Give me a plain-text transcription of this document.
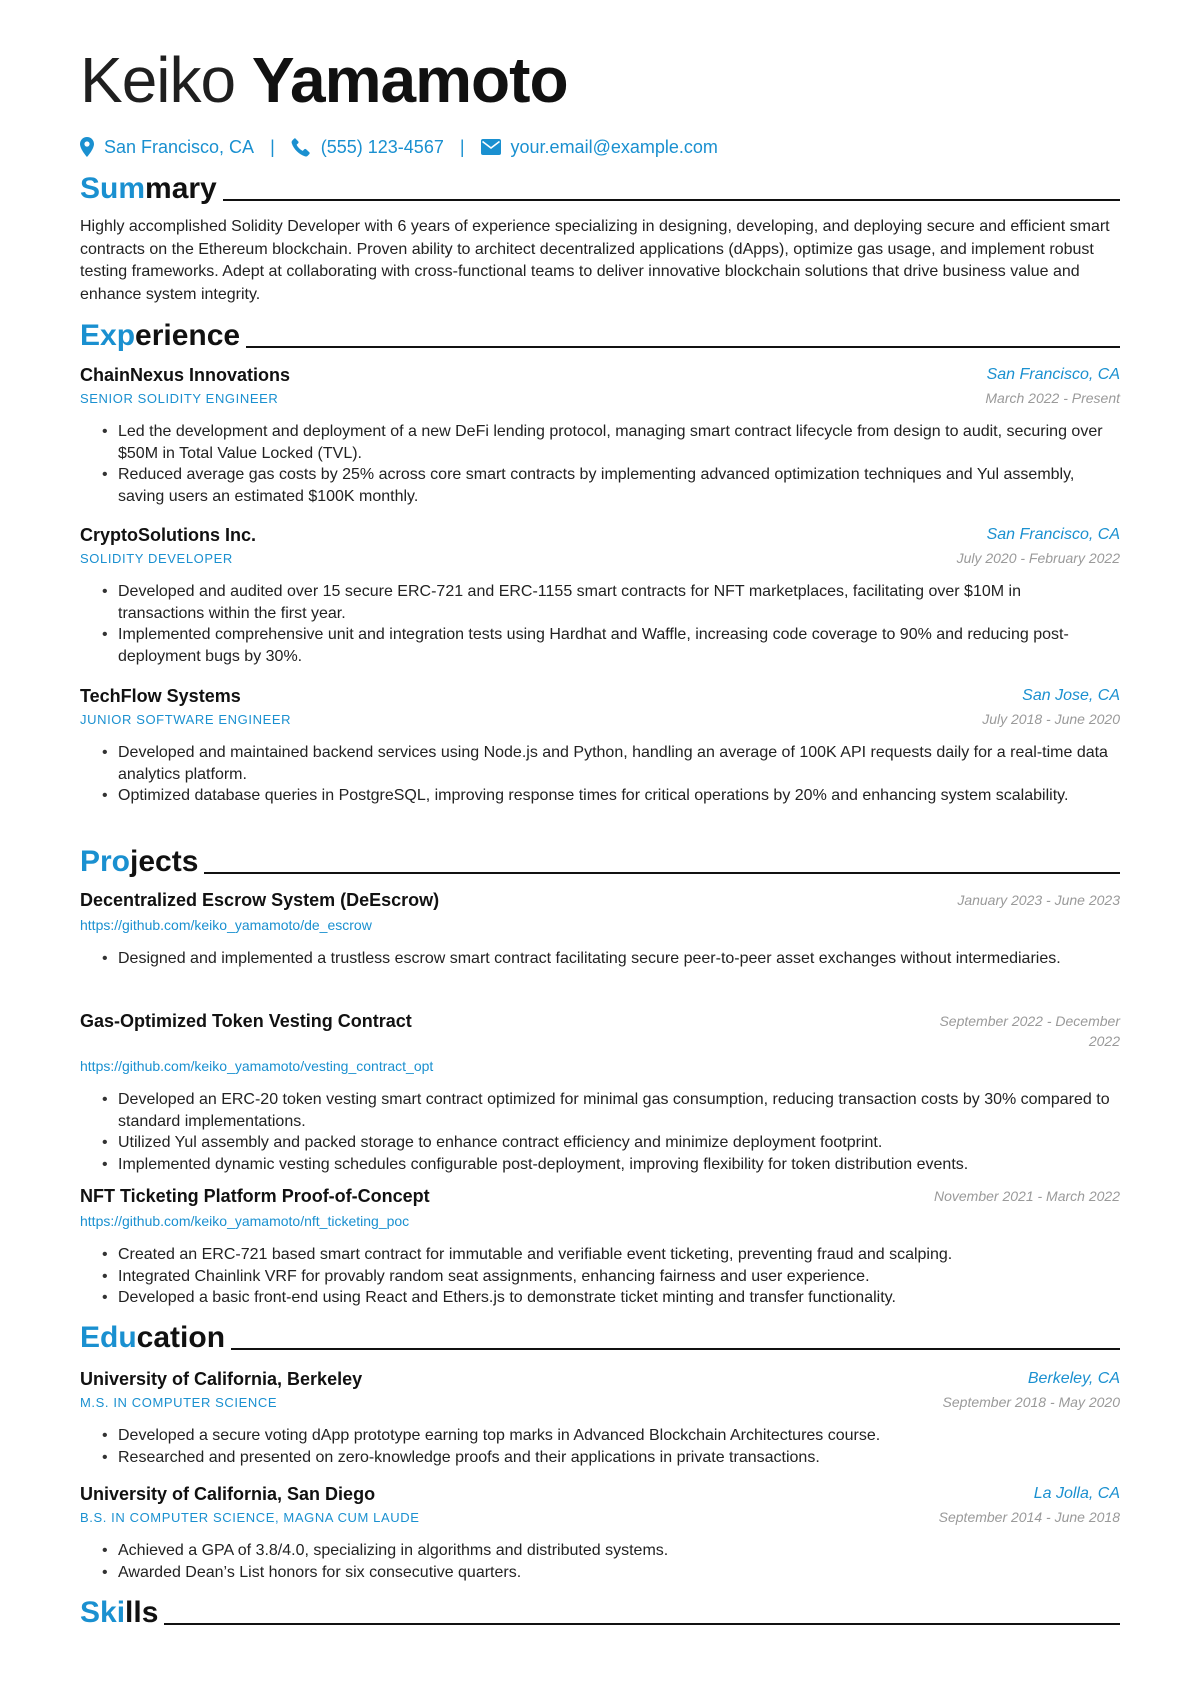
Keiko Yamamoto
San Francisco, CA |	(555) 123-4567 |	your.email@example.com
Summary
Highly accomplished Solidity Developer with 6 years of experience specializing in designing, developing, and deploying secure and efficient smart contracts on the Ethereum blockchain. Proven ability to architect decentralized applications (dApps), optimize gas usage, and implement robust testing frameworks. Adept at collaborating with cross-functional teams to deliver innovative blockchain solutions that drive business value and enhance system integrity.
Experience
ChainNexus Innovations	San Francisco, CA
SENIOR SOLIDITY ENGINEER	March 2022 - Present
• Led the development and deployment of a new DeFi lending protocol, managing smart contract lifecycle from design to audit, securing over $50M in Total Value Locked (TVL).
• Reduced average gas costs by 25% across core smart contracts by implementing advanced optimization techniques and Yul assembly, saving users an estimated $100K monthly.
CryptoSolutions Inc.	San Francisco, CA
SOLIDITY DEVELOPER	July 2020 - February 2022
• Developed and audited over 15 secure ERC-721 and ERC-1155 smart contracts for NFT marketplaces, facilitating over $10M in transactions within the first year.
• Implemented comprehensive unit and integration tests using Hardhat and Waffle, increasing code coverage to 90% and reducing post-deployment bugs by 30%.
TechFlow Systems	San Jose, CA
JUNIOR SOFTWARE ENGINEER	July 2018 - June 2020
• Developed and maintained backend services using Node.js and Python, handling an average of 100K API requests daily for a real-time data analytics platform.
• Optimized database queries in PostgreSQL, improving response times for critical operations by 20% and enhancing system scalability.
Projects
Decentralized Escrow System (DeEscrow)	January 2023 - June 2023
https://github.com/keiko_yamamoto/de_escrow
• Designed and implemented a trustless escrow smart contract facilitating secure peer-to-peer asset exchanges without intermediaries.
Gas-Optimized Token Vesting Contract	September 2022 - December 2022
https://github.com/keiko_yamamoto/vesting_contract_opt
• Developed an ERC-20 token vesting smart contract optimized for minimal gas consumption, reducing transaction costs by 30% compared to standard implementations.
• Utilized Yul assembly and packed storage to enhance contract efficiency and minimize deployment footprint.
• Implemented dynamic vesting schedules configurable post-deployment, improving flexibility for token distribution events.
NFT Ticketing Platform Proof-of-Concept	November 2021 - March 2022
https://github.com/keiko_yamamoto/nft_ticketing_poc
• Created an ERC-721 based smart contract for immutable and verifiable event ticketing, preventing fraud and scalping.
• Integrated Chainlink VRF for provably random seat assignments, enhancing fairness and user experience.
• Developed a basic front-end using React and Ethers.js to demonstrate ticket minting and transfer functionality.
Education
University of California, Berkeley	Berkeley, CA
M.S. IN COMPUTER SCIENCE	September 2018 - May 2020
• Developed a secure voting dApp prototype earning top marks in Advanced Blockchain Architectures course.
• Researched and presented on zero-knowledge proofs and their applications in private transactions.
University of California, San Diego	La Jolla, CA
B.S. IN COMPUTER SCIENCE, MAGNA CUM LAUDE	September 2014 - June 2018
• Achieved a GPA of 3.8/4.0, specializing in algorithms and distributed systems.
• Awarded Dean’s List honors for six consecutive quarters.
Skills
